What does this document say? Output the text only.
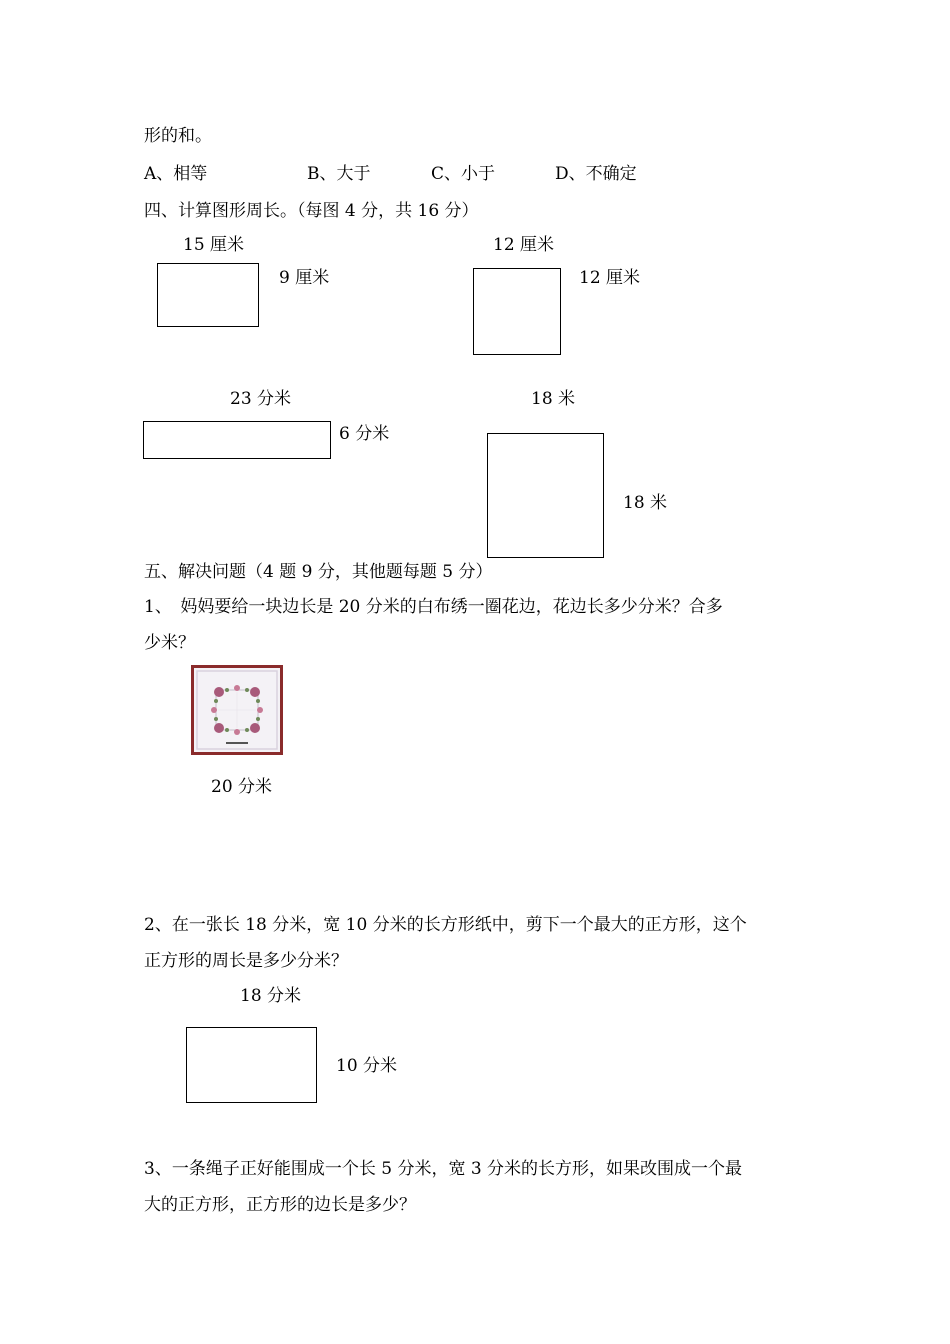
形的和。
A、相等	B、大于	C、小于	D、不确定
四、计算图形周长。（每图 4 分，共 16 分）
15 厘米
9 厘米
12 厘米
12 厘米
23 分米
6 分米
18 米
18 米
五、解决问题（4 题 9 分，其他题每题 5 分）
1、　妈妈要给一块边长是 20 分米的白布绣一圈花边，花边长多少分米？合多
少米？
20 分米
2、在一张长 18 分米，宽 10 分米的长方形纸中，剪下一个最大的正方形，这个
正方形的周长是多少分米？
18 分米
10 分米
3、一条绳子正好能围成一个长 5 分米，宽 3 分米的长方形，如果改围成一个最
大的正方形，正方形的边长是多少？
